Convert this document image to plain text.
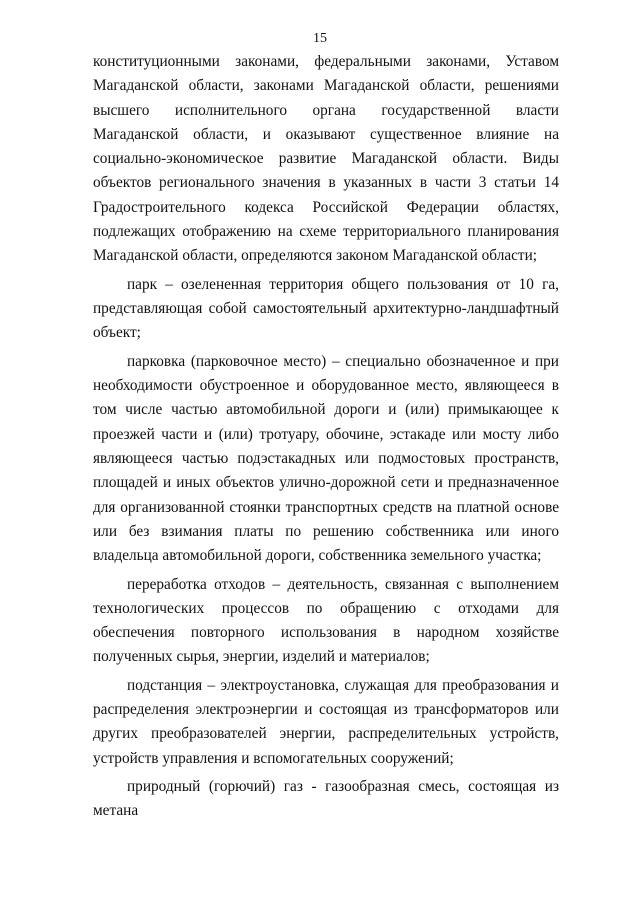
15

конституционными законами, федеральными законами, Уставом Магаданской области, законами Магаданской области, решениями высшего исполнительного органа государственной власти Магаданской области, и оказывают существенное влияние на социально-экономическое развитие Магаданской области. Виды объектов регионального значения в указанных в части 3 статьи 14 Градостроительного кодекса Российской Федерации областях, подлежащих отображению на схеме территориального планирования Магаданской области, определяются законом Магаданской области;

парк – озелененная территория общего пользования от 10 га, представляющая собой самостоятельный архитектурно-ландшафтный объект;

парковка (парковочное место) – специально обозначенное и при необходимости обустроенное и оборудованное место, являющееся в том числе частью автомобильной дороги и (или) примыкающее к проезжей части и (или) тротуару, обочине, эстакаде или мосту либо являющееся частью подэстакадных или подмостовых пространств, площадей и иных объектов улично-дорожной сети и предназначенное для организованной стоянки транспортных средств на платной основе или без взимания платы по решению собственника или иного владельца автомобильной дороги, собственника земельного участка;

переработка отходов – деятельность, связанная с выполнением технологических процессов по обращению с отходами для обеспечения повторного использования в народном хозяйстве полученных сырья, энергии, изделий и материалов;

подстанция – электроустановка, служащая для преобразования и распределения электроэнергии и состоящая из трансформаторов или других преобразователей энергии, распределительных устройств, устройств управления и вспомогательных сооружений;

природный (горючий) газ - газообразная смесь, состоящая из метана
